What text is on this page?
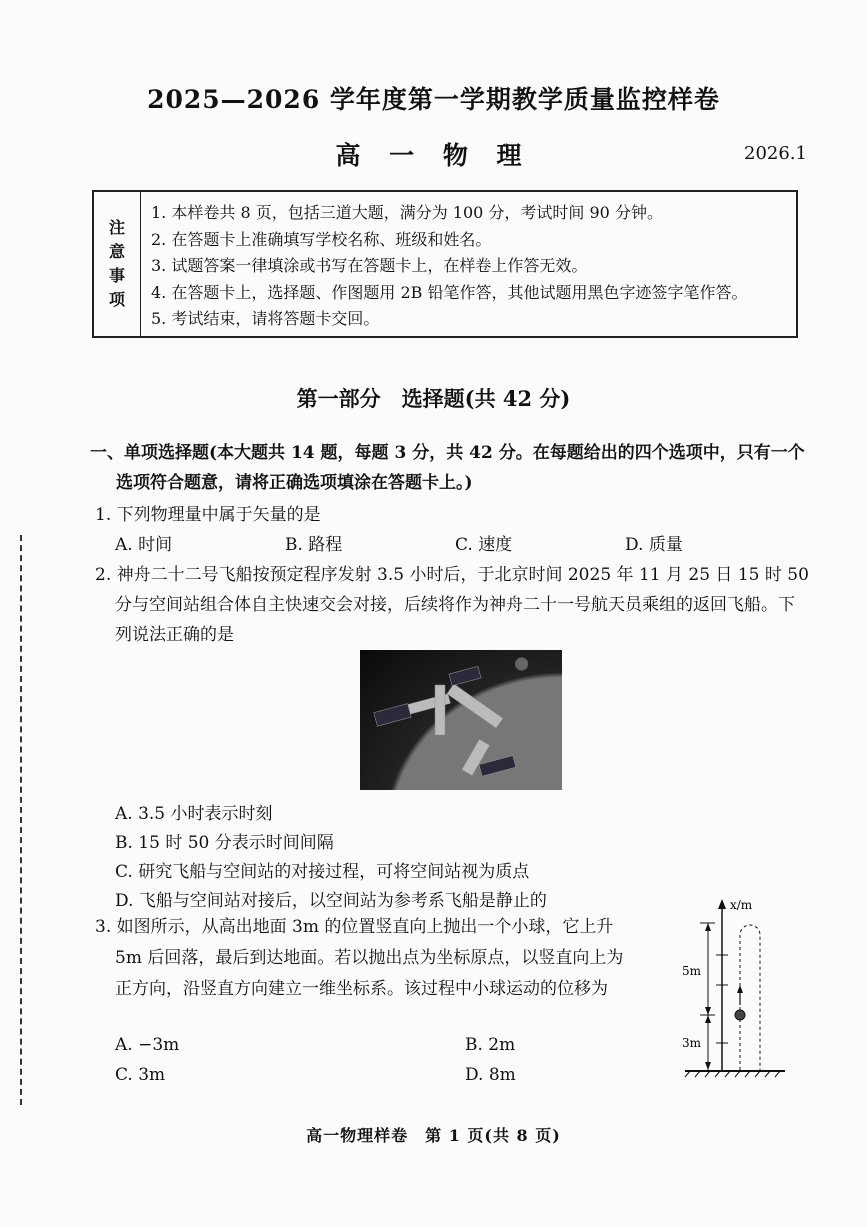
2025—2026 学年度第一学期教学质量监控样卷
高 一 物 理	2026.1
注
意
事
项
1. 本样卷共 8 页，包括三道大题，满分为 100 分，考试时间 90 分钟。
2. 在答题卡上准确填写学校名称、班级和姓名。
3. 试题答案一律填涂或书写在答题卡上，在样卷上作答无效。
4. 在答题卡上，选择题、作图题用 2B 铅笔作答，其他试题用黑色字迹签字笔作答。
5. 考试结束，请将答题卡交回。
第一部分　选择题(共 42 分)
一、单项选择题(本大题共 14 题，每题 3 分，共 42 分。在每题给出的四个选项中，只有一个
选项符合题意，请将正确选项填涂在答题卡上。)
1. 下列物理量中属于矢量的是
A. 时间	B. 路程	C. 速度	D. 质量
2. 神舟二十二号飞船按预定程序发射 3.5 小时后，于北京时间 2025 年 11 月 25 日 15 时 50 分与空间站组合体自主快速交会对接，后续将作为神舟二十一号航天员乘组的返回飞船。下列说法正确的是
A. 3.5 小时表示时刻
B. 15 时 50 分表示时间间隔
C. 研究飞船与空间站的对接过程，可将空间站视为质点
D. 飞船与空间站对接后，以空间站为参考系飞船是静止的
3. 如图所示，从高出地面 3m 的位置竖直向上抛出一个小球，它上升 5m 后回落，最后到达地面。若以抛出点为坐标原点，以竖直向上为正方向，沿竖直方向建立一维坐标系。该过程中小球运动的位移为
A. −3m	B. 2m
C. 3m	D. 8m
x/m
5m
3m
高一物理样卷　第 1 页(共 8 页)
